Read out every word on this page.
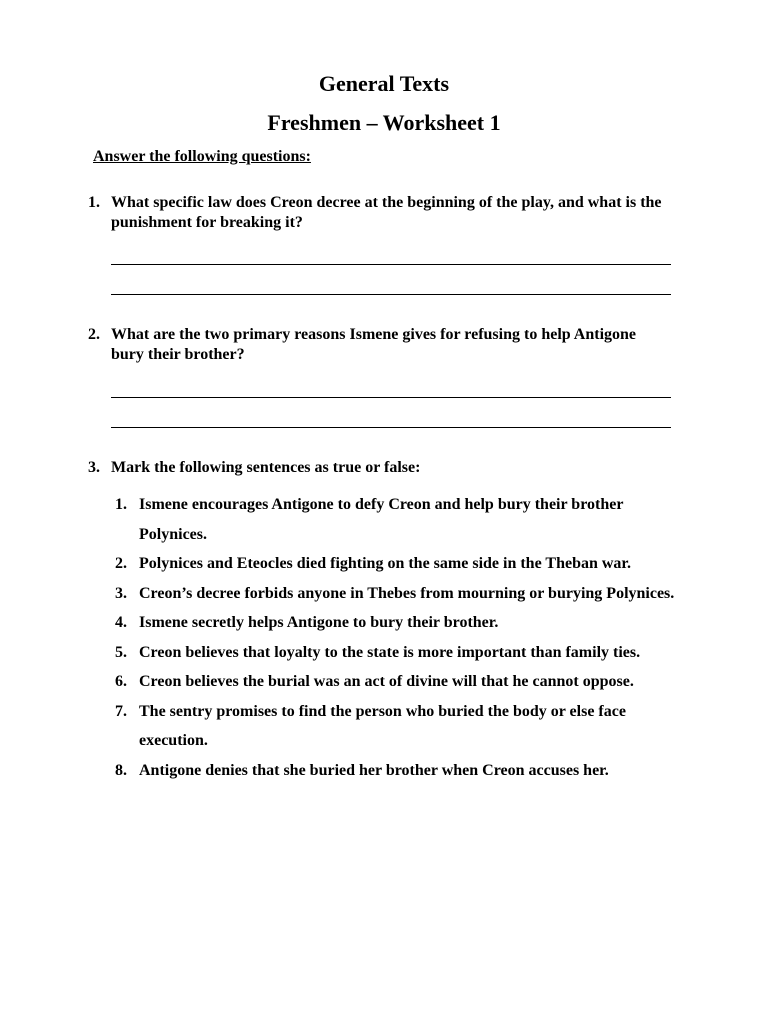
General Texts
Freshmen – Worksheet 1
Answer the following questions:
1. What specific law does Creon decree at the beginning of the play, and what is the punishment for breaking it?
2. What are the two primary reasons Ismene gives for refusing to help Antigone bury their brother?
3. Mark the following sentences as true or false:
1. Ismene encourages Antigone to defy Creon and help bury their brother Polynices.
2. Polynices and Eteocles died fighting on the same side in the Theban war.
3. Creon’s decree forbids anyone in Thebes from mourning or burying Polynices.
4. Ismene secretly helps Antigone to bury their brother.
5. Creon believes that loyalty to the state is more important than family ties.
6. Creon believes the burial was an act of divine will that he cannot oppose.
7. The sentry promises to find the person who buried the body or else face execution.
8. Antigone denies that she buried her brother when Creon accuses her.
